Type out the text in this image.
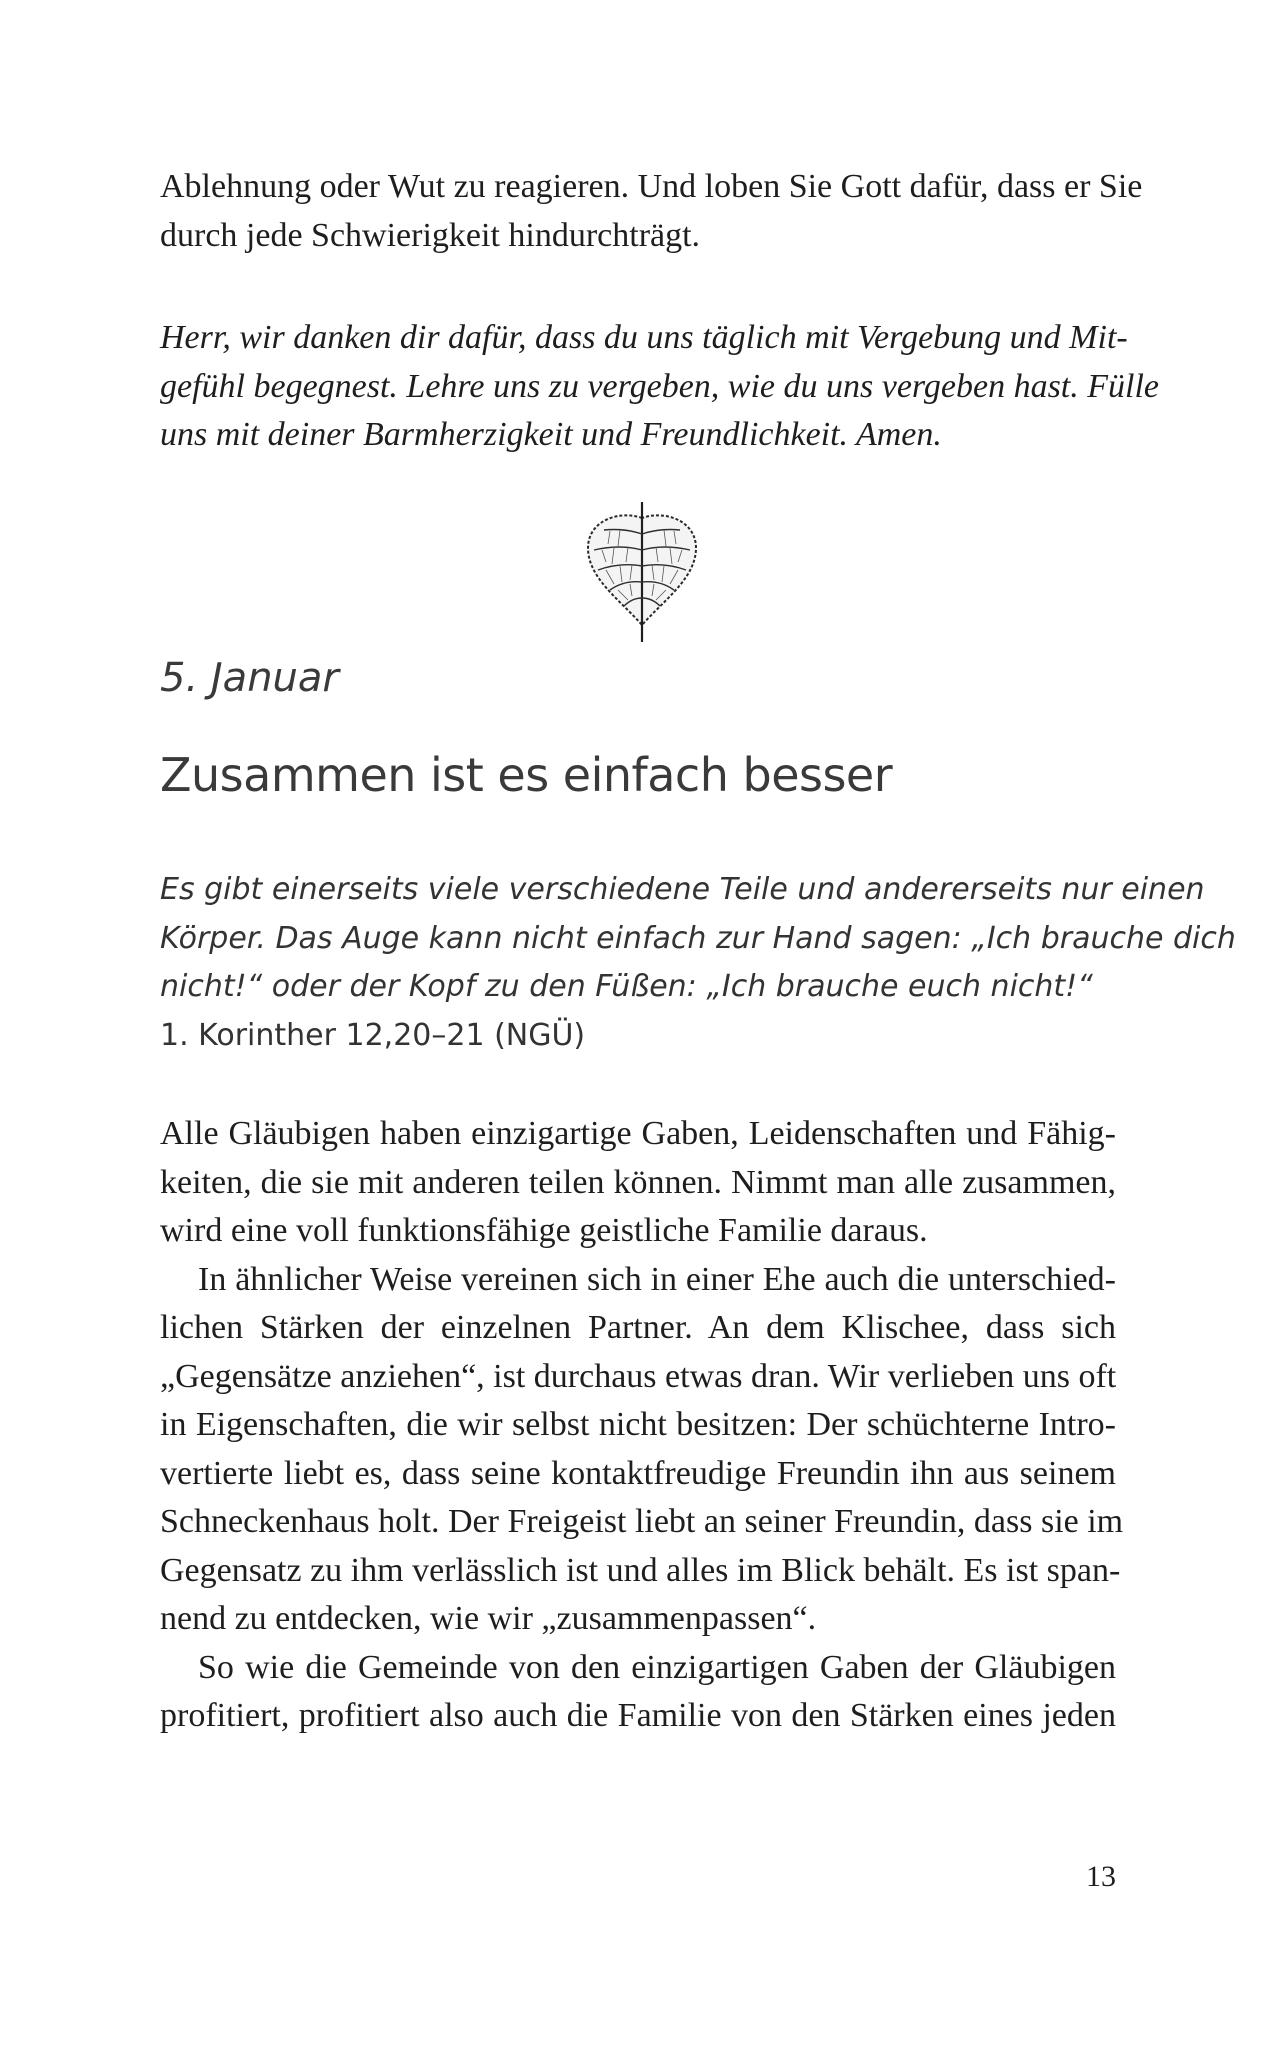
Ablehnung oder Wut zu reagieren. Und loben Sie Gott dafür, dass er Sie
durch jede Schwierigkeit hindurchträgt.
Herr, wir danken dir dafür, dass du uns täglich mit Vergebung und Mit-
gefühl begegnest. Lehre uns zu vergeben, wie du uns vergeben hast. Fülle
uns mit deiner Barmherzigkeit und Freundlichkeit. Amen.
5. Januar
Zusammen ist es einfach besser
Es gibt einerseits viele verschiedene Teile und andererseits nur einen
Körper. Das Auge kann nicht einfach zur Hand sagen: „Ich brauche dich
nicht!“ oder der Kopf zu den Füßen: „Ich brauche euch nicht!“
1. Korinther 12,20–21 (NGÜ)
Alle Gläubigen haben einzigartige Gaben, Leidenschaften und Fähig-
keiten, die sie mit anderen teilen können. Nimmt man alle zusammen,
wird eine voll funktionsfähige geistliche Familie daraus.
In ähnlicher Weise vereinen sich in einer Ehe auch die unterschied-
lichen Stärken der einzelnen Partner. An dem Klischee, dass sich
„Gegensätze anziehen“, ist durchaus etwas dran. Wir verlieben uns oft
in Eigenschaften, die wir selbst nicht besitzen: Der schüchterne Intro-
vertierte liebt es, dass seine kontaktfreudige Freundin ihn aus seinem
Schneckenhaus holt. Der Freigeist liebt an seiner Freundin, dass sie im
Gegensatz zu ihm verlässlich ist und alles im Blick behält. Es ist span-
nend zu entdecken, wie wir „zusammenpassen“.
So wie die Gemeinde von den einzigartigen Gaben der Gläubigen
profitiert, profitiert also auch die Familie von den Stärken eines jeden
13
